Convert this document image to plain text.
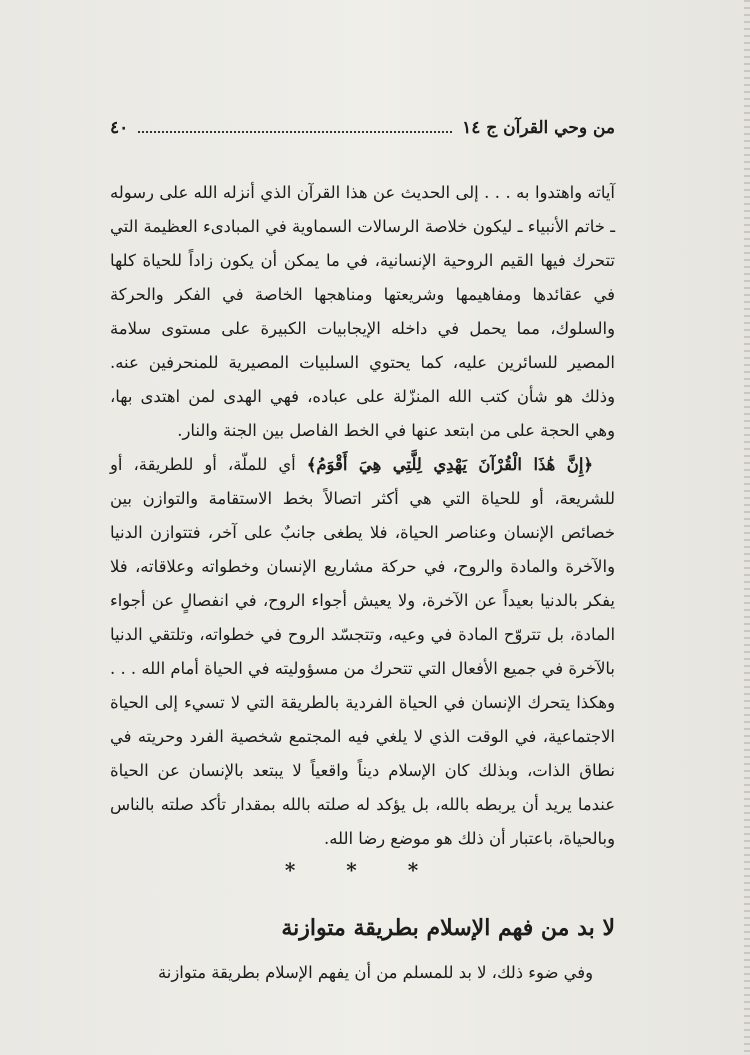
من وحي القرآن ج ١٤
٤٠

آياته واهتدوا به . . . إلى الحديث عن هذا القرآن الذي أنزله الله على رسوله ـ خاتم الأنبياء ـ ليكون خلاصة الرسالات السماوية في المبادىء العظيمة التي تتحرك فيها القيم الروحية الإنسانية، في ما يمكن أن يكون زاداً للحياة كلها في عقائدها ومفاهيمها وشريعتها ومناهجها الخاصة في الفكر والحركة والسلوك، مما يحمل في داخله الإيجابيات الكبيرة على مستوى سلامة المصير للسائرين عليه، كما يحتوي السلبيات المصيرية للمنحرفين عنه. وذلك هو شأن كتب الله المنزّلة على عباده، فهي الهدى لمن اهتدى بها، وهي الحجة على من ابتعد عنها في الخط الفاصل بين الجنة والنار.

﴿إِنَّ هَٰذَا الْقُرْآنَ يَهْدِي لِلَّتِي هِيَ أَقْوَمُ﴾ أي للملّة، أو للطريقة، أو للشريعة، أو للحياة التي هي أكثر اتصالاً بخط الاستقامة والتوازن بين خصائص الإنسان وعناصر الحياة، فلا يطغى جانبٌ على آخر، فتتوازن الدنيا والآخرة والمادة والروح، في حركة مشاريع الإنسان وخطواته وعلاقاته، فلا يفكر بالدنيا بعيداً عن الآخرة، ولا يعيش أجواء الروح، في انفصالٍ عن أجواء المادة، بل تتروّح المادة في وعيه، وتتجسّد الروح في خطواته، وتلتقي الدنيا بالآخرة في جميع الأفعال التي تتحرك من مسؤوليته في الحياة أمام الله . . . وهكذا يتحرك الإنسان في الحياة الفردية بالطريقة التي لا تسيء إلى الحياة الاجتماعية، في الوقت الذي لا يلغي فيه المجتمع شخصية الفرد وحريته في نطاق الذات، وبذلك كان الإسلام ديناً واقعياً لا يبتعد بالإنسان عن الحياة عندما يريد أن يربطه بالله، بل يؤكد له صلته بالله بمقدار تأكد صلته بالناس وبالحياة، باعتبار أن ذلك هو موضع رضا الله.

* * *
لا بد من فهم الإسلام بطريقة متوازنة

وفي ضوء ذلك، لا بد للمسلم من أن يفهم الإسلام بطريقة متوازنة
